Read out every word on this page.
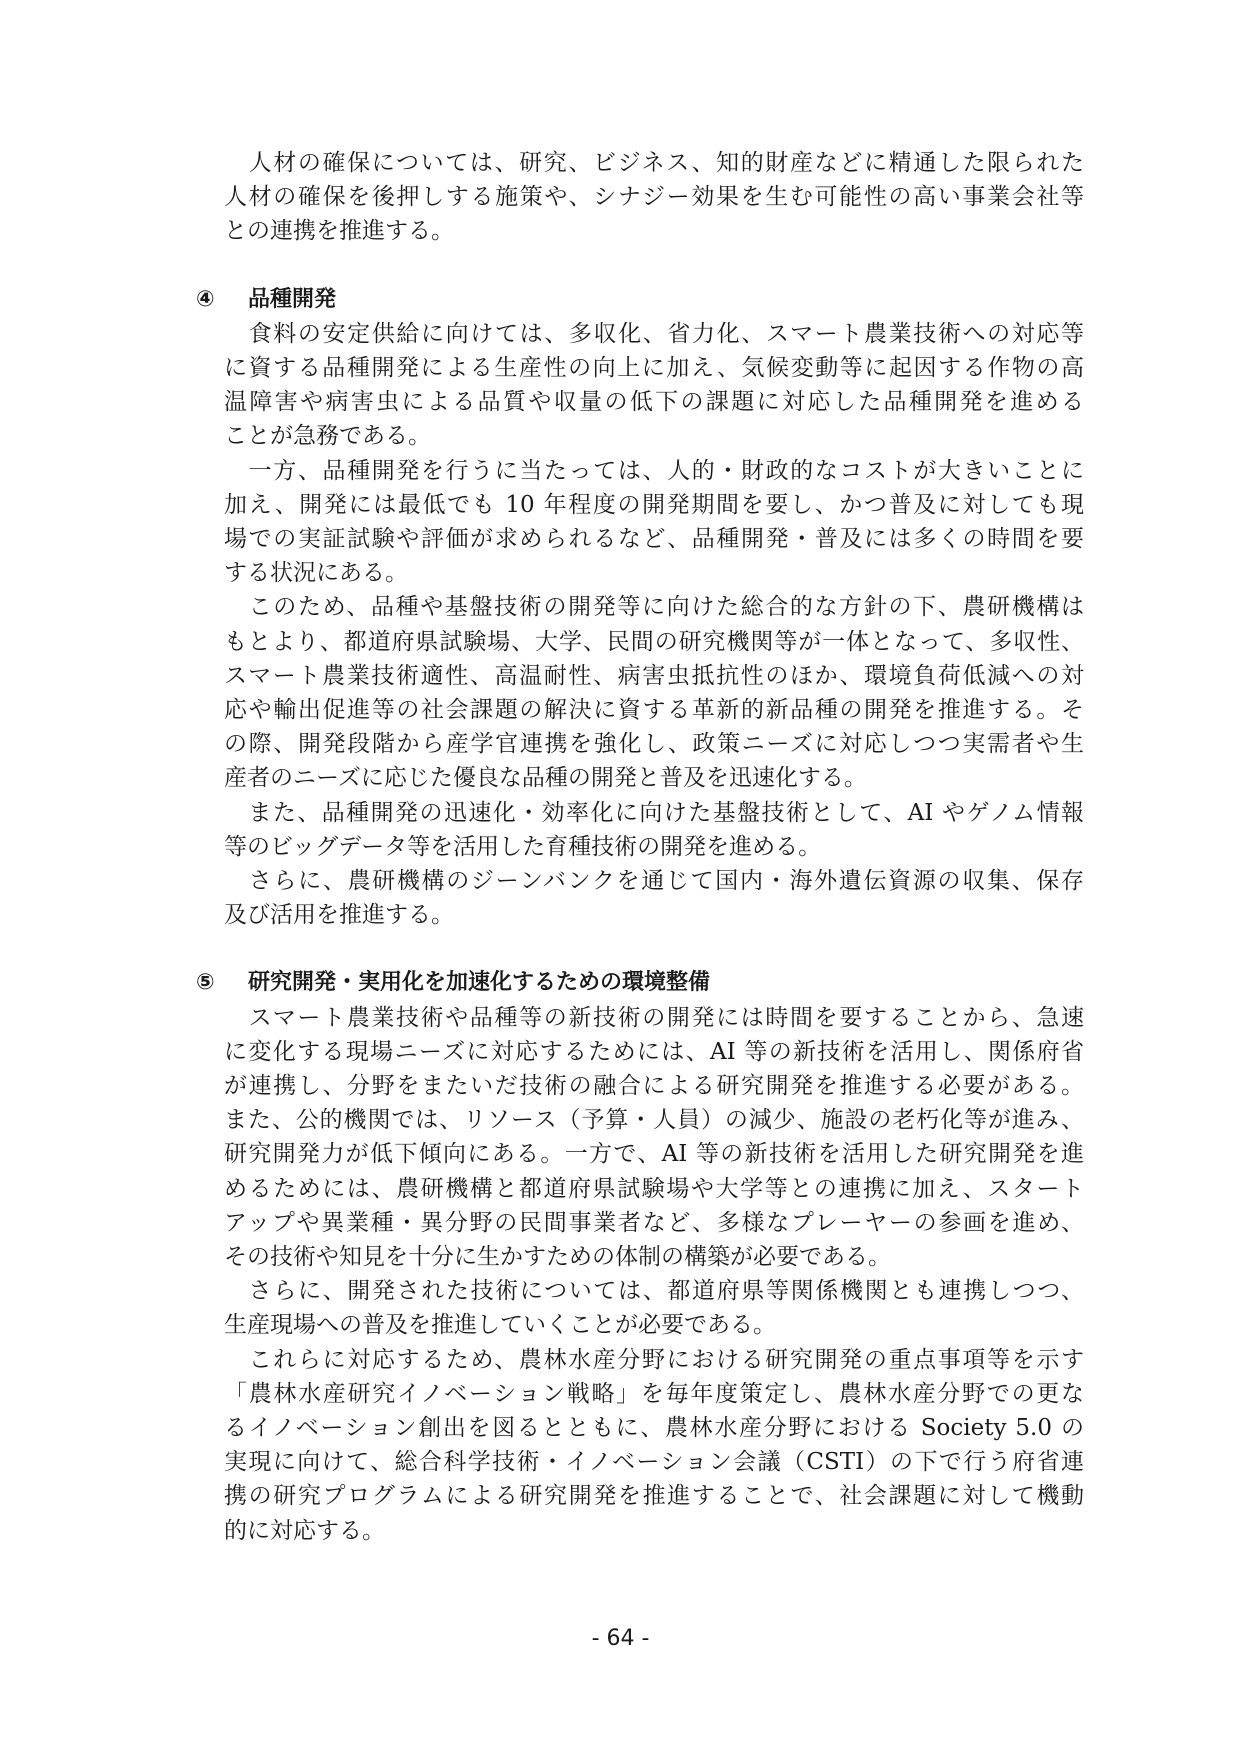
　人材の確保については、研究、ビジネス、知的財産などに精通した限られた
人材の確保を後押しする施策や、シナジー効果を生む可能性の高い事業会社等
との連携を推進する。
④ 品種開発
　食料の安定供給に向けては、多収化、省力化、スマート農業技術への対応等
に資する品種開発による生産性の向上に加え、気候変動等に起因する作物の高
温障害や病害虫による品質や収量の低下の課題に対応した品種開発を進める
ことが急務である。
　一方、品種開発を行うに当たっては、人的・財政的なコストが大きいことに
加え、開発には最低でも 10 年程度の開発期間を要し、かつ普及に対しても現
場での実証試験や評価が求められるなど、品種開発・普及には多くの時間を要
する状況にある。
　このため、品種や基盤技術の開発等に向けた総合的な方針の下、農研機構は
もとより、都道府県試験場、大学、民間の研究機関等が一体となって、多収性、
スマート農業技術適性、高温耐性、病害虫抵抗性のほか、環境負荷低減への対
応や輸出促進等の社会課題の解決に資する革新的新品種の開発を推進する。そ
の際、開発段階から産学官連携を強化し、政策ニーズに対応しつつ実需者や生
産者のニーズに応じた優良な品種の開発と普及を迅速化する。
　また、品種開発の迅速化・効率化に向けた基盤技術として、AI やゲノム情報
等のビッグデータ等を活用した育種技術の開発を進める。
　さらに、農研機構のジーンバンクを通じて国内・海外遺伝資源の収集、保存
及び活用を推進する。
⑤ 研究開発・実用化を加速化するための環境整備
　スマート農業技術や品種等の新技術の開発には時間を要することから、急速
に変化する現場ニーズに対応するためには、AI 等の新技術を活用し、関係府省
が連携し、分野をまたいだ技術の融合による研究開発を推進する必要がある。
また、公的機関では、リソース（予算・人員）の減少、施設の老朽化等が進み、
研究開発力が低下傾向にある。一方で、AI 等の新技術を活用した研究開発を進
めるためには、農研機構と都道府県試験場や大学等との連携に加え、スタート
アップや異業種・異分野の民間事業者など、多様なプレーヤーの参画を進め、
その技術や知見を十分に生かすための体制の構築が必要である。
　さらに、開発された技術については、都道府県等関係機関とも連携しつつ、
生産現場への普及を推進していくことが必要である。
　これらに対応するため、農林水産分野における研究開発の重点事項等を示す
「農林水産研究イノベーション戦略」を毎年度策定し、農林水産分野での更な
るイノベーション創出を図るとともに、農林水産分野における Society 5.0 の
実現に向けて、総合科学技術・イノベーション会議（CSTI）の下で行う府省連
携の研究プログラムによる研究開発を推進することで、社会課題に対して機動
的に対応する。
- 64 -
